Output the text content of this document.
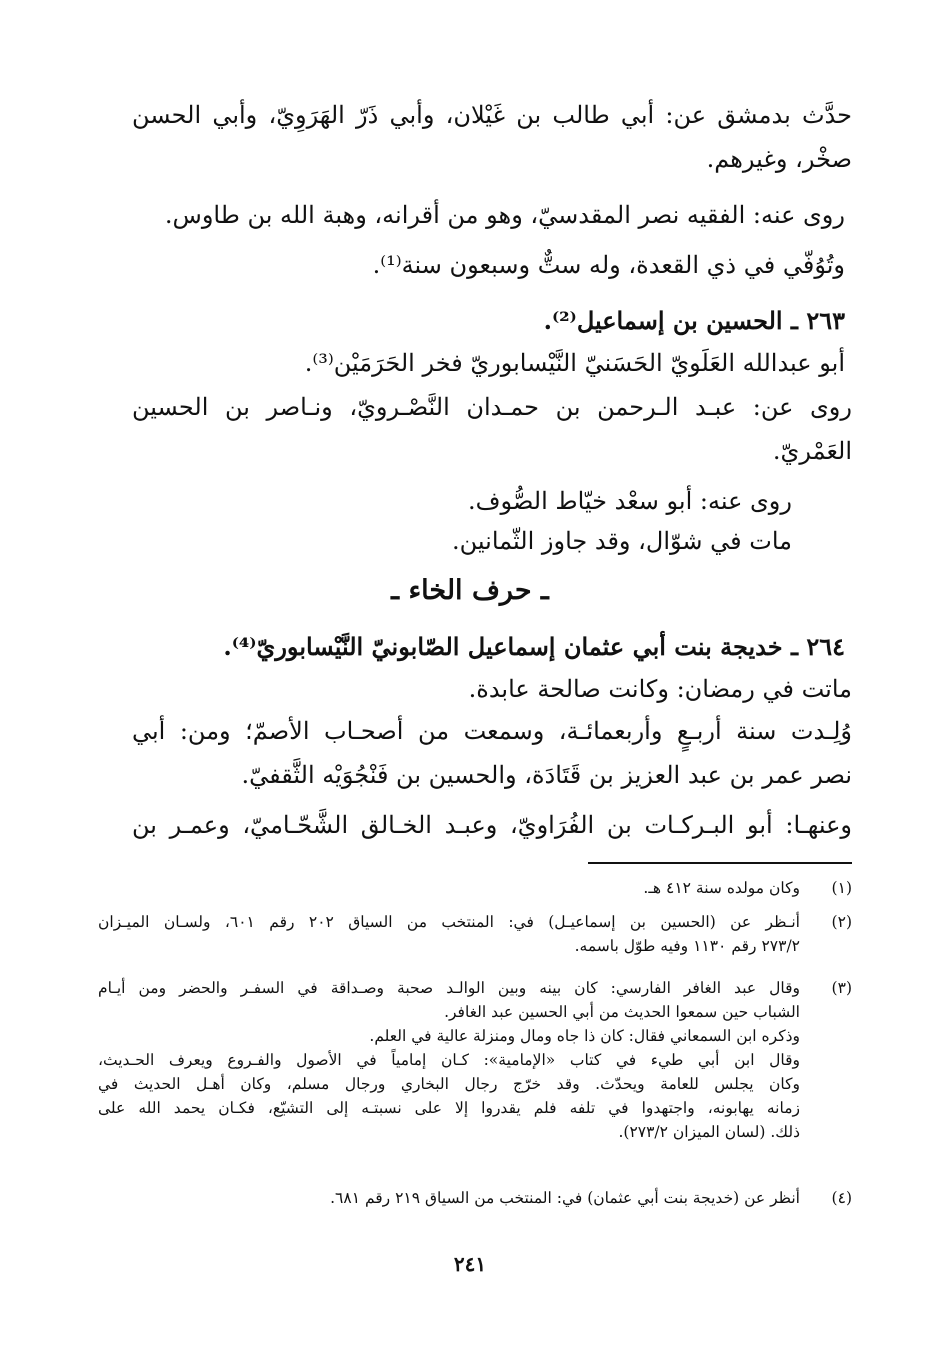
حدَّث بدمشق عن: أبي طالب بن غَيْلان، وأبي ذَرّ الهَرَوِيّ، وأبي الحسن
صخْر، وغيرهم.
روى عنه: الفقيه نصر المقدسيّ، وهو من أقرانه، وهبة الله بن طاوس.
وتُوُفّي في ذي القعدة، وله ستٌّ وسبعون سنة⁽¹⁾.
٢٦٣ ـ الحسين بن إسماعيل⁽²⁾.
أبو عبدالله العَلَويّ الحَسَنيّ النَّيْسابوريّ فخر الحَرَمَيْن⁽³⁾.
روى عن: عبـد الـرحمن بن حمـدان النَّصْـرويّ، ونـاصر بن الحسين
العَمْريّ.
روى عنه: أبو سعْد خيّاط الصُّوف.
مات في شوّال، وقد جاوز الثّمانين.
ـ حرف الخاء ـ
٢٦٤ ـ خديجة بنت أبي عثمان إسماعيل الصّابونيّ النَّيْسابوريّ⁽⁴⁾.
ماتت في رمضان: وكانت صالحة عابدة.
وُلِـدت سنة أربـعٍ وأربعمائـة، وسمعت من أصحـاب الأصمّ؛ ومن: أبي
نصر عمر بن عبد العزيز بن قَتَادَة، والحسين بن فَنْجُوَيْه الثَّقفيّ.
وعنهـا: أبو البـركـات بن الفُرَاويّ، وعبـد الخـالق الشَّحّـاميّ، وعمـر بن
(١)
وكان مولده سنة ٤١٢ هـ.
(٢)
أنـظر عن (الحسين بن إسماعيـل) في: المنتخب من السياق ٢٠٢ رقم ٦٠١، ولسـان الميـزان
٢٧٣/٢ رقم ١١٣٠ وفيه طوّل باسمه.
(٣)
وقال عبد الغافر الفارسي: كان بينه وبين الوالـد صحبة وصـداقة في السفـر والحضر ومن أيـام
الشباب حين سمعوا الحديث من أبي الحسين عبد الغافر.
وذكره ابن السمعاني فقال: كان ذا جاه ومال ومنزلة عالية في العلم.
وقال ابن أبي طيء في كتاب «الإمامية»: كـان إمامياً في الأصول والفـروع ويعرف الحـديث،
وكان يجلس للعامة ويحدّث. وقد خرّج رجال البخاري ورجال مسلم، وكان أهـل الحديث في
زمانه يهابونه، واجتهدوا في تلفه فلم يقدروا إلا على نسبتـه إلى التشيّع، فكـان يحمد الله على
ذلك. (لسان الميزان ٢٧٣/٢).
(٤)
أنظر عن (خديجة بنت أبي عثمان) في: المنتخب من السياق ٢١٩ رقم ٦٨١.
٢٤١
